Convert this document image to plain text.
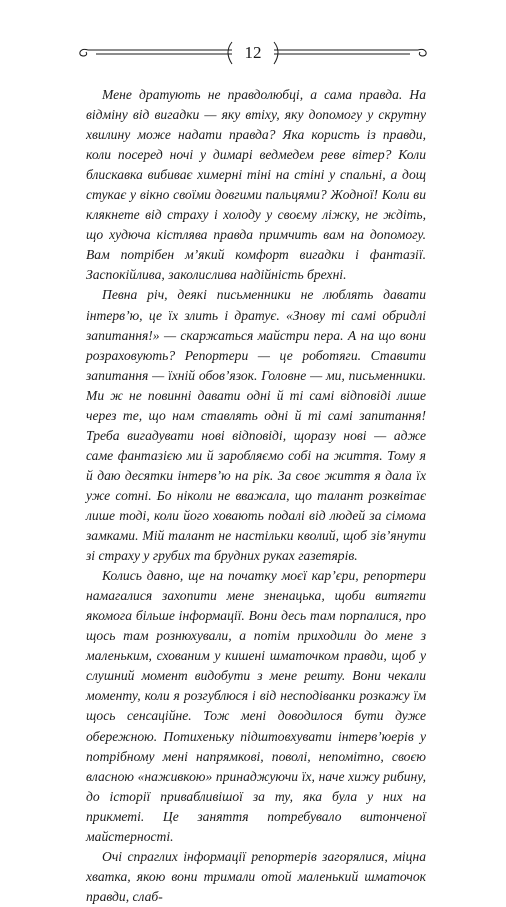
12

Мене дратують не правдолюбці, а сама правда. На відміну від вигадки — яку втіху, яку допомогу у скрутну хвилину може надати правда? Яка користь із правди, коли посеред ночі у димарі ведмедем реве вітер? Коли блискавка вибиває химерні тіні на стіні у спальні, а дощ стукає у вікно своїми довгими пальцями? Жодної! Коли ви клякнете від страху і холоду у своєму ліжку, не ждіть, що худюча кістлява правда примчить вам на допомогу. Вам потрібен м’який комфорт вигадки і фантазії. Заспокійлива, заколислива надійність брехні.

Певна річ, деякі письменники не люблять давати інтерв’ю, це їх злить і дратує. «Знову ті самі обридлі запитання!» — скаржаться майстри пера. А на що вони розраховують? Репортери — це роботяги. Ставити запитання — їхній обов’язок. Головне — ми, письменники. Ми ж не повинні давати одні й ті самі відповіді лише через те, що нам ставлять одні й ті самі запитання! Треба вигадувати нові відповіді, щоразу нові — адже саме фантазією ми й заробляємо собі на життя. Тому я й даю десятки інтерв’ю на рік. За своє життя я дала їх уже сотні. Бо ніколи не вважала, що талант розквітає лише тоді, коли його ховають подалі від людей за сімома замками. Мій талант не настільки кволий, щоб зів’янути зі страху у грубих та брудних руках газетярів.

Колись давно, ще на початку моєї кар’єри, репортери намагалися захопити мене зненацька, щоби витягти якомога більше інформації. Вони десь там порпалися, про щось там рознюхували, а потім приходили до мене з маленьким, схованим у кишені шматочком правди, щоб у слушний момент видобути з мене решту. Вони чекали моменту, коли я розгублюся і від несподіванки розкажу їм щось сенсаційне. Тож мені доводилося бути дуже обережною. Потихеньку підштовхувати інтерв’юерів у потрібному мені напрямкові, поволі, непомітно, своєю власною «наживкою» принаджуючи їх, наче хижу рибину, до історії привабливішої за ту, яка була у них на прикметі. Це заняття потребувало витонченої майстерності.

Очі спраглих інформації репортерів загорялися, міцна хватка, якою вони тримали отой маленький шматочок правди, слаб-
